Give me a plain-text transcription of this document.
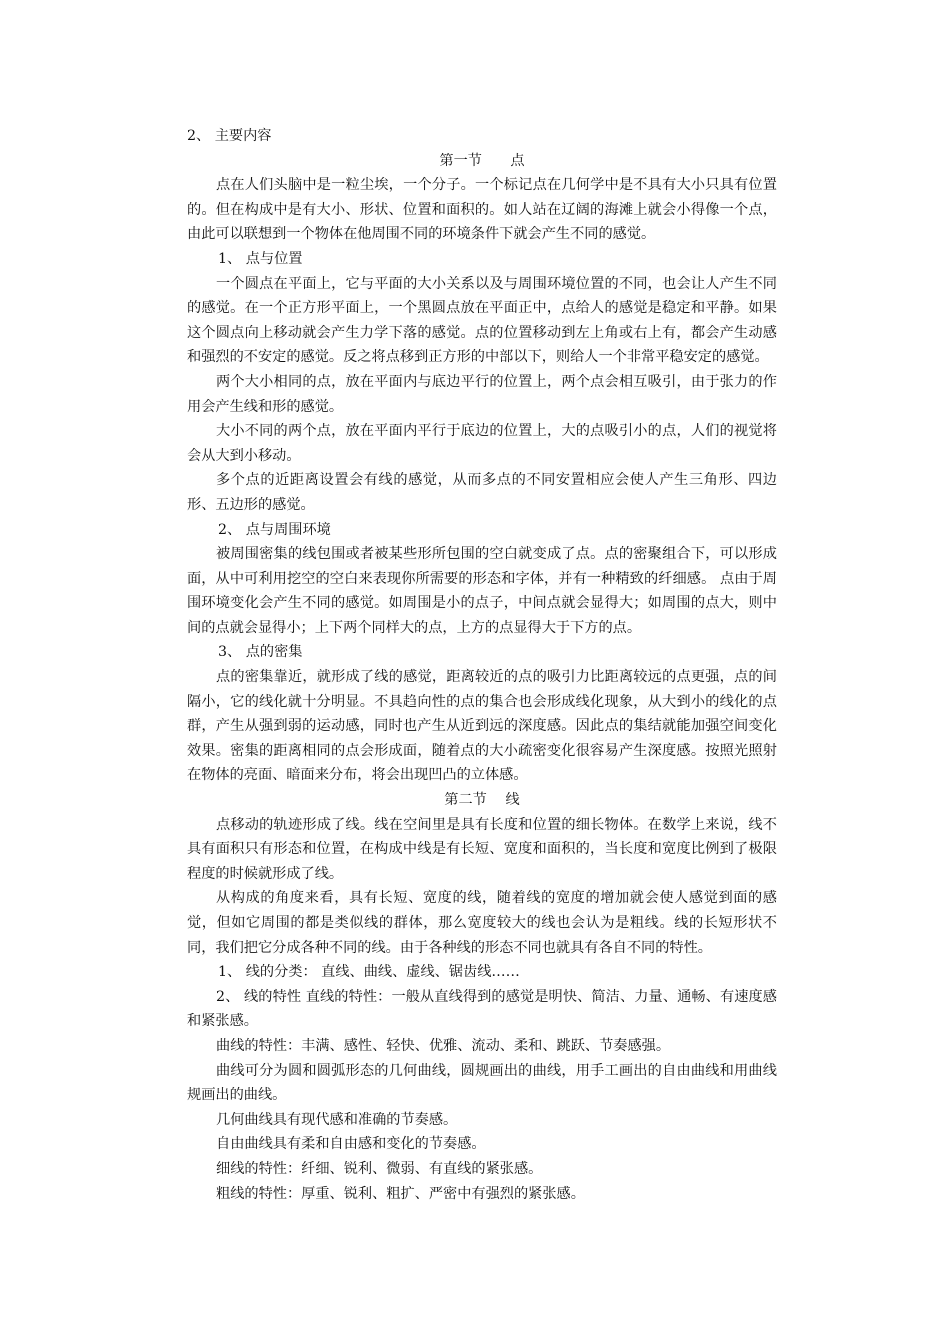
2、 主要内容

第一节　　点

点在人们头脑中是一粒尘埃，一个分子。一个标记点在几何学中是不具有大小只具有位置的。但在构成中是有大小、形状、位置和面积的。如人站在辽阔的海滩上就会小得像一个点，由此可以联想到一个物体在他周围不同的环境条件下就会产生不同的感觉。

1、 点与位置

一个圆点在平面上，它与平面的大小关系以及与周围环境位置的不同，也会让人产生不同的感觉。在一个正方形平面上，一个黑圆点放在平面正中，点给人的感觉是稳定和平静。如果这个圆点向上移动就会产生力学下落的感觉。点的位置移动到左上角或右上有，都会产生动感和强烈的不安定的感觉。反之将点移到正方形的中部以下，则给人一个非常平稳安定的感觉。

两个大小相同的点，放在平面内与底边平行的位置上，两个点会相互吸引，由于张力的作用会产生线和形的感觉。

大小不同的两个点，放在平面内平行于底边的位置上，大的点吸引小的点，人们的视觉将会从大到小移动。

多个点的近距离设置会有线的感觉，从而多点的不同安置相应会使人产生三角形、四边形、五边形的感觉。

2、 点与周围环境

被周围密集的线包围或者被某些形所包围的空白就变成了点。点的密聚组合下，可以形成面，从中可利用挖空的空白来表现你所需要的形态和字体，并有一种精致的纤细感。 点由于周围环境变化会产生不同的感觉。如周围是小的点子，中间点就会显得大；如周围的点大，则中间的点就会显得小；上下两个同样大的点，上方的点显得大于下方的点。

3、 点的密集

点的密集靠近，就形成了线的感觉，距离较近的点的吸引力比距离较远的点更强，点的间隔小，它的线化就十分明显。不具趋向性的点的集合也会形成线化现象，从大到小的线化的点群，产生从强到弱的运动感，同时也产生从近到远的深度感。因此点的集结就能加强空间变化效果。密集的距离相同的点会形成面，随着点的大小疏密变化很容易产生深度感。按照光照射在物体的亮面、暗面来分布，将会出现凹凸的立体感。

第二节　 线

点移动的轨迹形成了线。线在空间里是具有长度和位置的细长物体。在数学上来说，线不具有面积只有形态和位置，在构成中线是有长短、宽度和面积的，当长度和宽度比例到了极限程度的时候就形成了线。

从构成的角度来看，具有长短、宽度的线，随着线的宽度的增加就会使人感觉到面的感觉，但如它周围的都是类似线的群体，那么宽度较大的线也会认为是粗线。线的长短形状不同，我们把它分成各种不同的线。由于各种线的形态不同也就具有各自不同的特性。

1、 线的分类： 直线、曲线、虚线、锯齿线……

2、 线的特性 直线的特性：一般从直线得到的感觉是明快、简洁、力量、通畅、有速度感和紧张感。

曲线的特性：丰满、感性、轻快、优雅、流动、柔和、跳跃、节奏感强。

曲线可分为圆和圆弧形态的几何曲线，圆规画出的曲线，用手工画出的自由曲线和用曲线规画出的曲线。

几何曲线具有现代感和准确的节奏感。

自由曲线具有柔和自由感和变化的节奏感。

细线的特性：纤细、锐利、微弱、有直线的紧张感。

粗线的特性：厚重、锐利、粗扩、严密中有强烈的紧张感。
